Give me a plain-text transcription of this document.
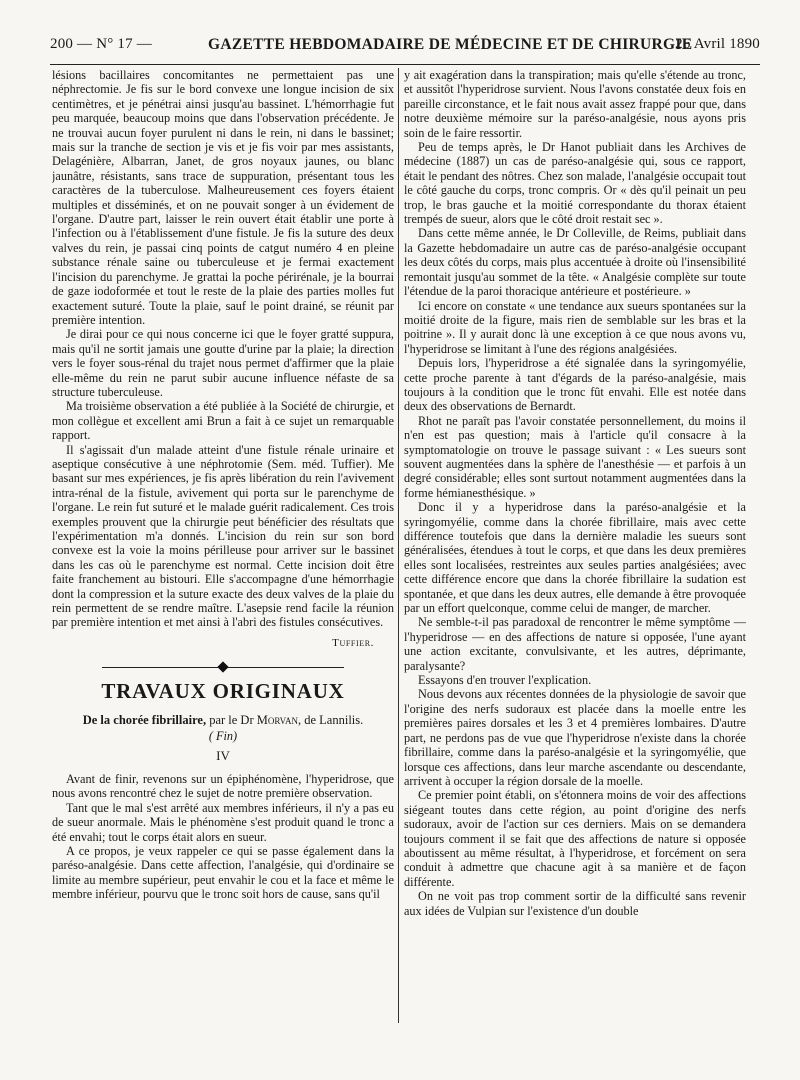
200 — N° 17 —	GAZETTE HEBDOMADAIRE DE MÉDECINE ET DE CHIRURGIE
26 Avril 1890

lésions bacillaires concomitantes ne permettaient pas une néphrectomie. Je fis sur le bord convexe une longue incision de six centimètres, et je pénétrai ainsi jusqu'au bassinet. L'hémorrhagie fut peu marquée, beaucoup moins que dans l'observation précédente. Je ne trouvai aucun foyer purulent ni dans le rein, ni dans le bassinet; mais sur la tranche de section je vis et je fis voir par mes assistants, Delagénière, Albarran, Janet, de gros noyaux jaunes, ou blanc jaunâtre, résistants, sans trace de suppuration, présentant tous les caractères de la tuberculose. Malheureusement ces foyers étaient multiples et disséminés, et on ne pouvait songer à un évidement de l'organe. D'autre part, laisser le rein ouvert était établir une porte à l'infection ou à l'établissement d'une fistule. Je fis la suture des deux valves du rein, je passai cinq points de catgut numéro 4 en pleine substance rénale saine ou tuberculeuse et je fermai exactement l'incision du parenchyme. Je grattai la poche périrénale, je la bourrai de gaze iodoformée et tout le reste de la plaie des parties molles fut exactement suturé. Toute la plaie, sauf le point drainé, se réunit par première intention.

Je dirai pour ce qui nous concerne ici que le foyer gratté suppura, mais qu'il ne sortit jamais une goutte d'urine par la plaie; la direction vers le foyer sous-rénal du trajet nous permet d'affirmer que la plaie elle-même du rein ne parut subir aucune influence néfaste de sa structure tuberculeuse.

Ma troisième observation a été publiée à la Société de chirurgie, et mon collègue et excellent ami Brun a fait à ce sujet un remarquable rapport.

Il s'agissait d'un malade atteint d'une fistule rénale urinaire et aseptique consécutive à une néphrotomie (Sem. méd. Tuffier). Me basant sur mes expériences, je fis après libération du rein l'avivement intra-rénal de la fistule, avivement qui porta sur le parenchyme de l'organe. Le rein fut suturé et le malade guérit radicalement. Ces trois exemples prouvent que la chirurgie peut bénéficier des résultats que l'expérimentation m'a donnés. L'incision du rein sur son bord convexe est la voie la moins périlleuse pour arriver sur le bassinet dans les cas où le parenchyme est normal. Cette incision doit être faite franchement au bistouri. Elle s'accompagne d'une hémorrhagie dont la compression et la suture exacte des deux valves de la plaie du rein permettent de se rendre maître. L'asepsie rend facile la réunion par première intention et met ainsi à l'abri des fistules consécutives.

Tuffier.
TRAVAUX ORIGINAUX
De la chorée fibrillaire, par le Dr Morvan, de Lannilis.
( Fin)
IV

Avant de finir, revenons sur un épiphénomène, l'hyperidrose, que nous avons rencontré chez le sujet de notre première observation.

Tant que le mal s'est arrêté aux membres inférieurs, il n'y a pas eu de sueur anormale. Mais le phénomène s'est produit quand le tronc a été envahi; tout le corps était alors en sueur.

A ce propos, je veux rappeler ce qui se passe également dans la paréso-analgésie. Dans cette affection, l'analgésie, qui d'ordinaire se limite au membre supérieur, peut envahir le cou et la face et même le membre inférieur, pourvu que le tronc soit hors de cause, sans qu'il

y ait exagération dans la transpiration; mais qu'elle s'étende au tronc, et aussitôt l'hyperidrose survient. Nous l'avons constatée deux fois en pareille circonstance, et le fait nous avait assez frappé pour que, dans notre deuxième mémoire sur la paréso-analgésie, nous ayons pris soin de le faire ressortir.

Peu de temps après, le Dr Hanot publiait dans les Archives de médecine (1887) un cas de paréso-analgésie qui, sous ce rapport, était le pendant des nôtres. Chez son malade, l'analgésie occupait tout le côté gauche du corps, tronc compris. Or « dès qu'il peinait un peu trop, le bras gauche et la moitié correspondante du thorax étaient trempés de sueur, alors que le côté droit restait sec ».

Dans cette même année, le Dr Colleville, de Reims, publiait dans la Gazette hebdomadaire un autre cas de paréso-analgésie occupant les deux côtés du corps, mais plus accentuée à droite où l'insensibilité remontait jusqu'au sommet de la tête. « Analgésie complète sur toute l'étendue de la paroi thoracique antérieure et postérieure. »

Ici encore on constate « une tendance aux sueurs spontanées sur la moitié droite de la figure, mais rien de semblable sur les bras et la poitrine ». Il y aurait donc là une exception à ce que nous avons vu, l'hyperidrose se limitant à l'une des régions analgésiées.

Depuis lors, l'hyperidrose a été signalée dans la syringomyélie, cette proche parente à tant d'égards de la paréso-analgésie, mais toujours à la condition que le tronc fût envahi. Elle est notée dans deux des observations de Bernardt.

Rhot ne paraît pas l'avoir constatée personnellement, du moins il n'en est pas question; mais à l'article qu'il consacre à la symptomatologie on trouve le passage suivant : « Les sueurs sont souvent augmentées dans la sphère de l'anesthésie — et parfois à un degré considérable; elles sont surtout notamment augmentées dans la forme hémianesthésique. »

Donc il y a hyperidrose dans la paréso-analgésie et la syringomyélie, comme dans la chorée fibrillaire, mais avec cette différence toutefois que dans la dernière maladie les sueurs sont généralisées, étendues à tout le corps, et que dans les deux premières elles sont localisées, restreintes aux seules parties analgésiées; avec cette différence encore que dans la chorée fibrillaire la sudation est spontanée, et que dans les deux autres, elle demande à être provoquée par un effort quelconque, comme celui de manger, de marcher.

Ne semble-t-il pas paradoxal de rencontrer le même symptôme — l'hyperidrose — en des affections de nature si opposée, l'une ayant une action excitante, convulsivante, et les autres, déprimante, paralysante?

Essayons d'en trouver l'explication.

Nous devons aux récentes données de la physiologie de savoir que l'origine des nerfs sudoraux est placée dans la moelle entre les premières paires dorsales et les 3 et 4 premières lombaires. D'autre part, ne perdons pas de vue que l'hyperidrose n'existe dans la chorée fibrillaire, comme dans la paréso-analgésie et la syringomyélie, que lorsque ces affections, dans leur marche ascendante ou descendante, arrivent à occuper la région dorsale de la moelle.

Ce premier point établi, on s'étonnera moins de voir des affections siégeant toutes dans cette région, au point d'origine des nerfs sudoraux, avoir de l'action sur ces derniers. Mais on se demandera toujours comment il se fait que des affections de nature si opposée aboutissent au même résultat, à l'hyperidrose, et forcément on sera conduit à admettre que chacune agit à sa manière et de façon différente.

On ne voit pas trop comment sortir de la difficulté sans revenir aux idées de Vulpian sur l'existence d'un double
